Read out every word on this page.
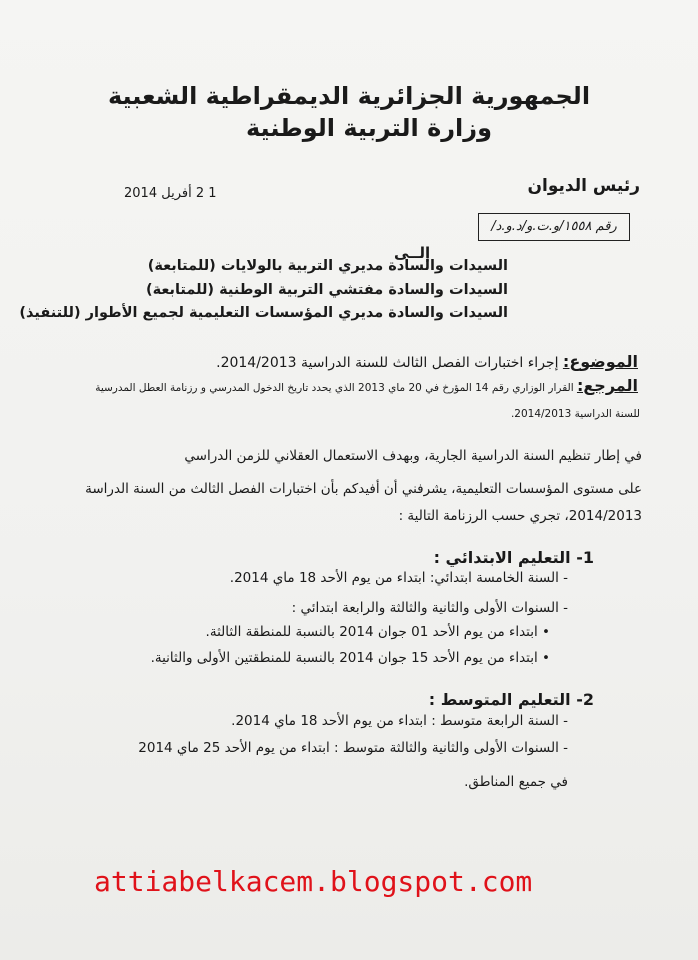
الجمهورية الجزائرية الديمقراطية الشعبية
وزارة التربية الوطنية
رئيس الديوان
1 2 أفريل 2014
رقم ١٥٥٨/و.ت.و/د.و.د/
إلــى
السيدات والسادة مديري التربية بالولايات (للمتابعة)
السيدات والسادة مفتشي التربية الوطنية (للمتابعة)
السيدات والسادة مديري المؤسسات التعليمية لجميع الأطوار (للتنفيذ)
الموضوع: إجراء اختبارات الفصل الثالث للسنة الدراسية 2014/2013.
المرجع: القرار الوزاري رقم 14 المؤرخ في 20 ماي 2013 الذي يحدد تاريخ الدخول المدرسي و رزنامة العطل المدرسية
للسنة الدراسية 2014/2013.
في إطار تنظيم السنة الدراسية الجارية، وبهدف الاستعمال العقلاني للزمن الدراسي
على مستوى المؤسسات التعليمية، يشرفني أن أفيدكم بأن اختبارات الفصل الثالث من السنة الدراسة
2014/2013، تجري حسب الرزنامة التالية :
1- التعليم الابتدائي :
- السنة الخامسة ابتدائي: ابتداء من يوم الأحد 18 ماي 2014.
- السنوات الأولى والثانية والثالثة والرابعة ابتدائي :
• ابتداء من يوم الأحد 01 جوان 2014 بالنسبة للمنطقة الثالثة.
• ابتداء من يوم الأحد 15 جوان 2014 بالنسبة للمنطقتين الأولى والثانية.
2- التعليم المتوسط :
- السنة الرابعة متوسط : ابتداء من يوم الأحد 18 ماي 2014.
- السنوات الأولى والثانية والثالثة متوسط : ابتداء من يوم الأحد 25 ماي 2014
في جميع المناطق.
attiabelkacem.blogspot.com
